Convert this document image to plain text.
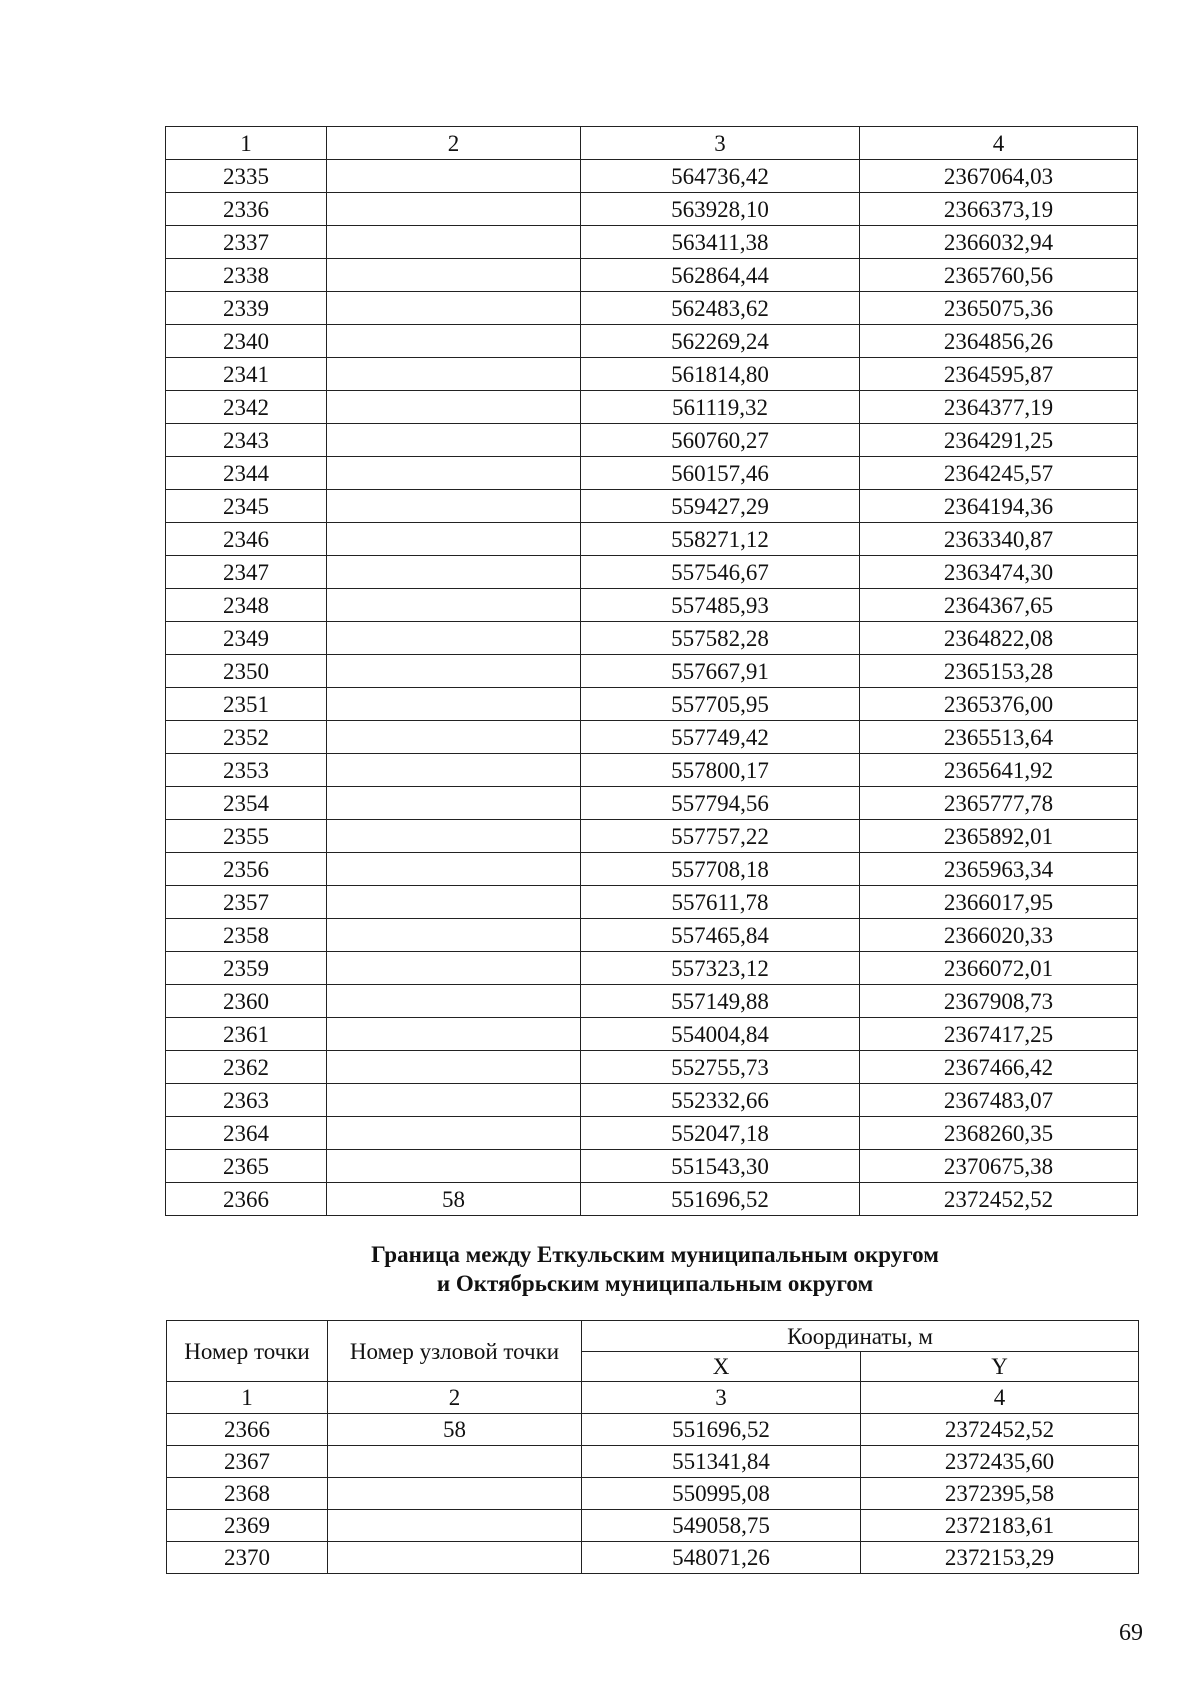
1	2	3	4
2335		564736,42	2367064,03
2336		563928,10	2366373,19
2337		563411,38	2366032,94
2338		562864,44	2365760,56
2339		562483,62	2365075,36
2340		562269,24	2364856,26
2341		561814,80	2364595,87
2342		561119,32	2364377,19
2343		560760,27	2364291,25
2344		560157,46	2364245,57
2345		559427,29	2364194,36
2346		558271,12	2363340,87
2347		557546,67	2363474,30
2348		557485,93	2364367,65
2349		557582,28	2364822,08
2350		557667,91	2365153,28
2351		557705,95	2365376,00
2352		557749,42	2365513,64
2353		557800,17	2365641,92
2354		557794,56	2365777,78
2355		557757,22	2365892,01
2356		557708,18	2365963,34
2357		557611,78	2366017,95
2358		557465,84	2366020,33
2359		557323,12	2366072,01
2360		557149,88	2367908,73
2361		554004,84	2367417,25
2362		552755,73	2367466,42
2363		552332,66	2367483,07
2364		552047,18	2368260,35
2365		551543,30	2370675,38
2366	58	551696,52	2372452,52
Граница между Еткульским муниципальным округом
и Октябрьским муниципальным округом
Номер точки	Номер узловой точки	Координаты, м	
		X	Y
1	2	3	4
2366	58	551696,52	2372452,52
2367		551341,84	2372435,60
2368		550995,08	2372395,58
2369		549058,75	2372183,61
2370		548071,26	2372153,29
69
